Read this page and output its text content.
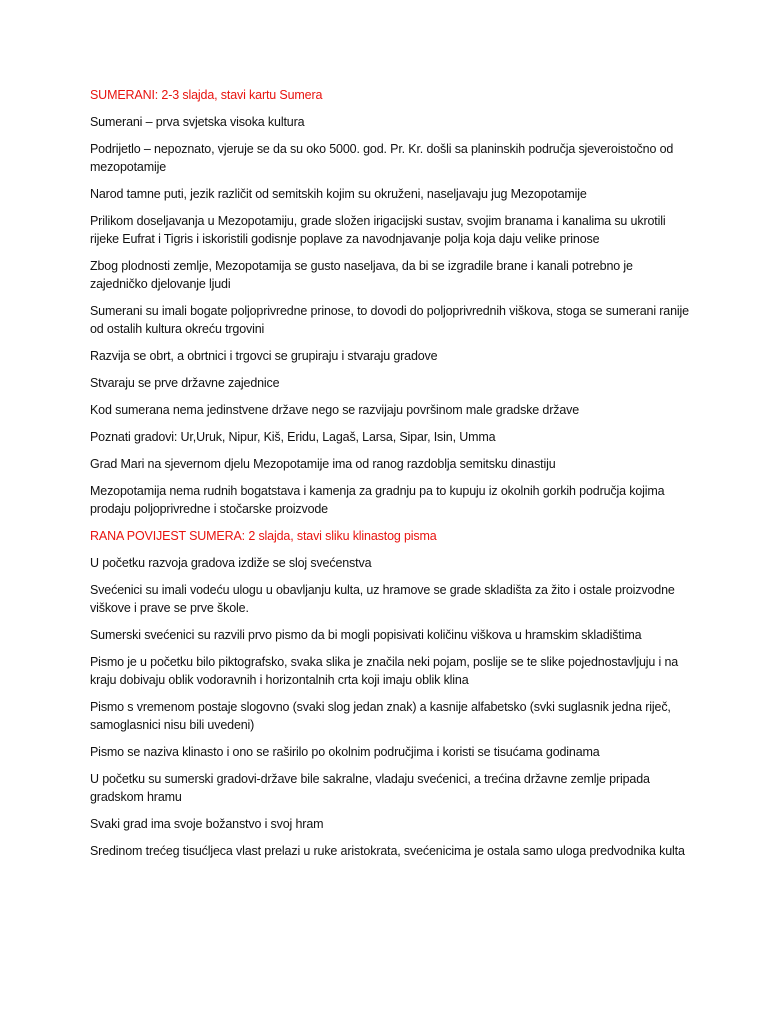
SUMERANI: 2-3 slajda, stavi kartu Sumera

Sumerani – prva svjetska visoka kultura

Podrijetlo – nepoznato, vjeruje se da su oko 5000. god. Pr. Kr. došli sa planinskih područja sjeveroistočno od mezopotamije

Narod tamne puti, jezik različit od semitskih kojim su okruženi, naseljavaju jug Mezopotamije

Prilikom doseljavanja u Mezopotamiju, grade složen irigacijski sustav, svojim branama i kanalima su ukrotili rijeke Eufrat i Tigris i iskoristili godisnje poplave za navodnjavanje polja koja daju velike prinose

Zbog plodnosti zemlje, Mezopotamija se gusto naseljava, da bi se izgradile brane i kanali potrebno je zajedničko djelovanje ljudi

Sumerani su imali bogate poljoprivredne prinose, to dovodi do poljoprivrednih viškova, stoga se sumerani ranije od ostalih kultura okreću trgovini

Razvija se obrt, a obrtnici i trgovci se grupiraju i stvaraju gradove

Stvaraju se prve državne zajednice

Kod sumerana nema jedinstvene države nego se razvijaju površinom male gradske države

Poznati gradovi: Ur,Uruk, Nipur, Kiš, Eridu, Lagaš, Larsa, Sipar, Isin, Umma

Grad Mari na sjevernom djelu Mezopotamije ima od ranog razdoblja semitsku dinastiju

Mezopotamija nema rudnih bogatstava i kamenja za gradnju pa to kupuju iz okolnih gorkih područja kojima prodaju poljoprivredne i stočarske proizvode

RANA POVIJEST SUMERA: 2 slajda, stavi sliku klinastog pisma

U početku razvoja gradova izdiže se sloj svećenstva

Svećenici su imali vodeću ulogu u obavljanju kulta, uz hramove se grade skladišta za žito i ostale proizvodne viškove i prave se prve škole.

Sumerski svećenici su razvili prvo pismo da bi mogli popisivati količinu viškova u hramskim skladištima

Pismo je u početku bilo piktografsko, svaka slika je značila neki pojam, poslije se te slike pojednostavljuju i na kraju dobivaju oblik vodoravnih i horizontalnih crta koji imaju oblik klina

Pismo s vremenom postaje slogovno (svaki slog jedan znak) a kasnije alfabetsko (svki suglasnik jedna riječ, samoglasnici nisu bili uvedeni)

Pismo se naziva klinasto i ono se raširilo po okolnim područjima i koristi se tisućama godinama

U početku su sumerski gradovi-države bile sakralne, vladaju svećenici, a trećina državne zemlje pripada gradskom hramu

Svaki grad ima svoje božanstvo i svoj hram

Sredinom trećeg tisućljeca vlast prelazi u ruke aristokrata, svećenicima je ostala samo uloga predvodnika kulta
